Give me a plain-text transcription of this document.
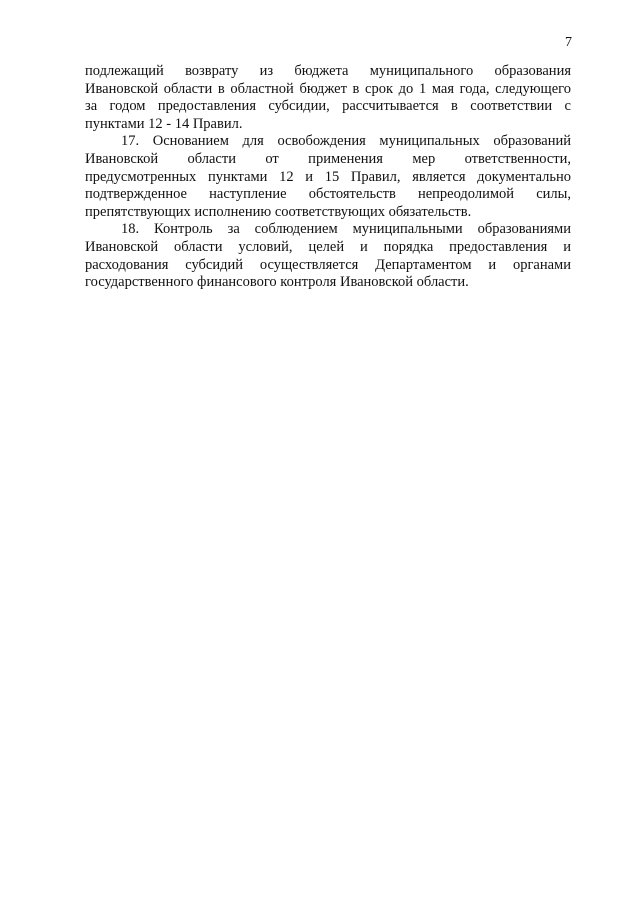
7
подлежащий возврату из бюджета муниципального образования
Ивановской области в областной бюджет в срок до 1 мая года, следующего
за годом предоставления субсидии, рассчитывается в соответствии с
пунктами 12 - 14 Правил.
17. Основанием для освобождения муниципальных образований
Ивановской области от применения мер ответственности,
предусмотренных пунктами 12 и 15 Правил, является документально
подтвержденное наступление обстоятельств непреодолимой силы,
препятствующих исполнению соответствующих обязательств.
18. Контроль за соблюдением муниципальными образованиями
Ивановской области условий, целей и порядка предоставления и
расходования субсидий осуществляется Департаментом и органами
государственного финансового контроля Ивановской области.
